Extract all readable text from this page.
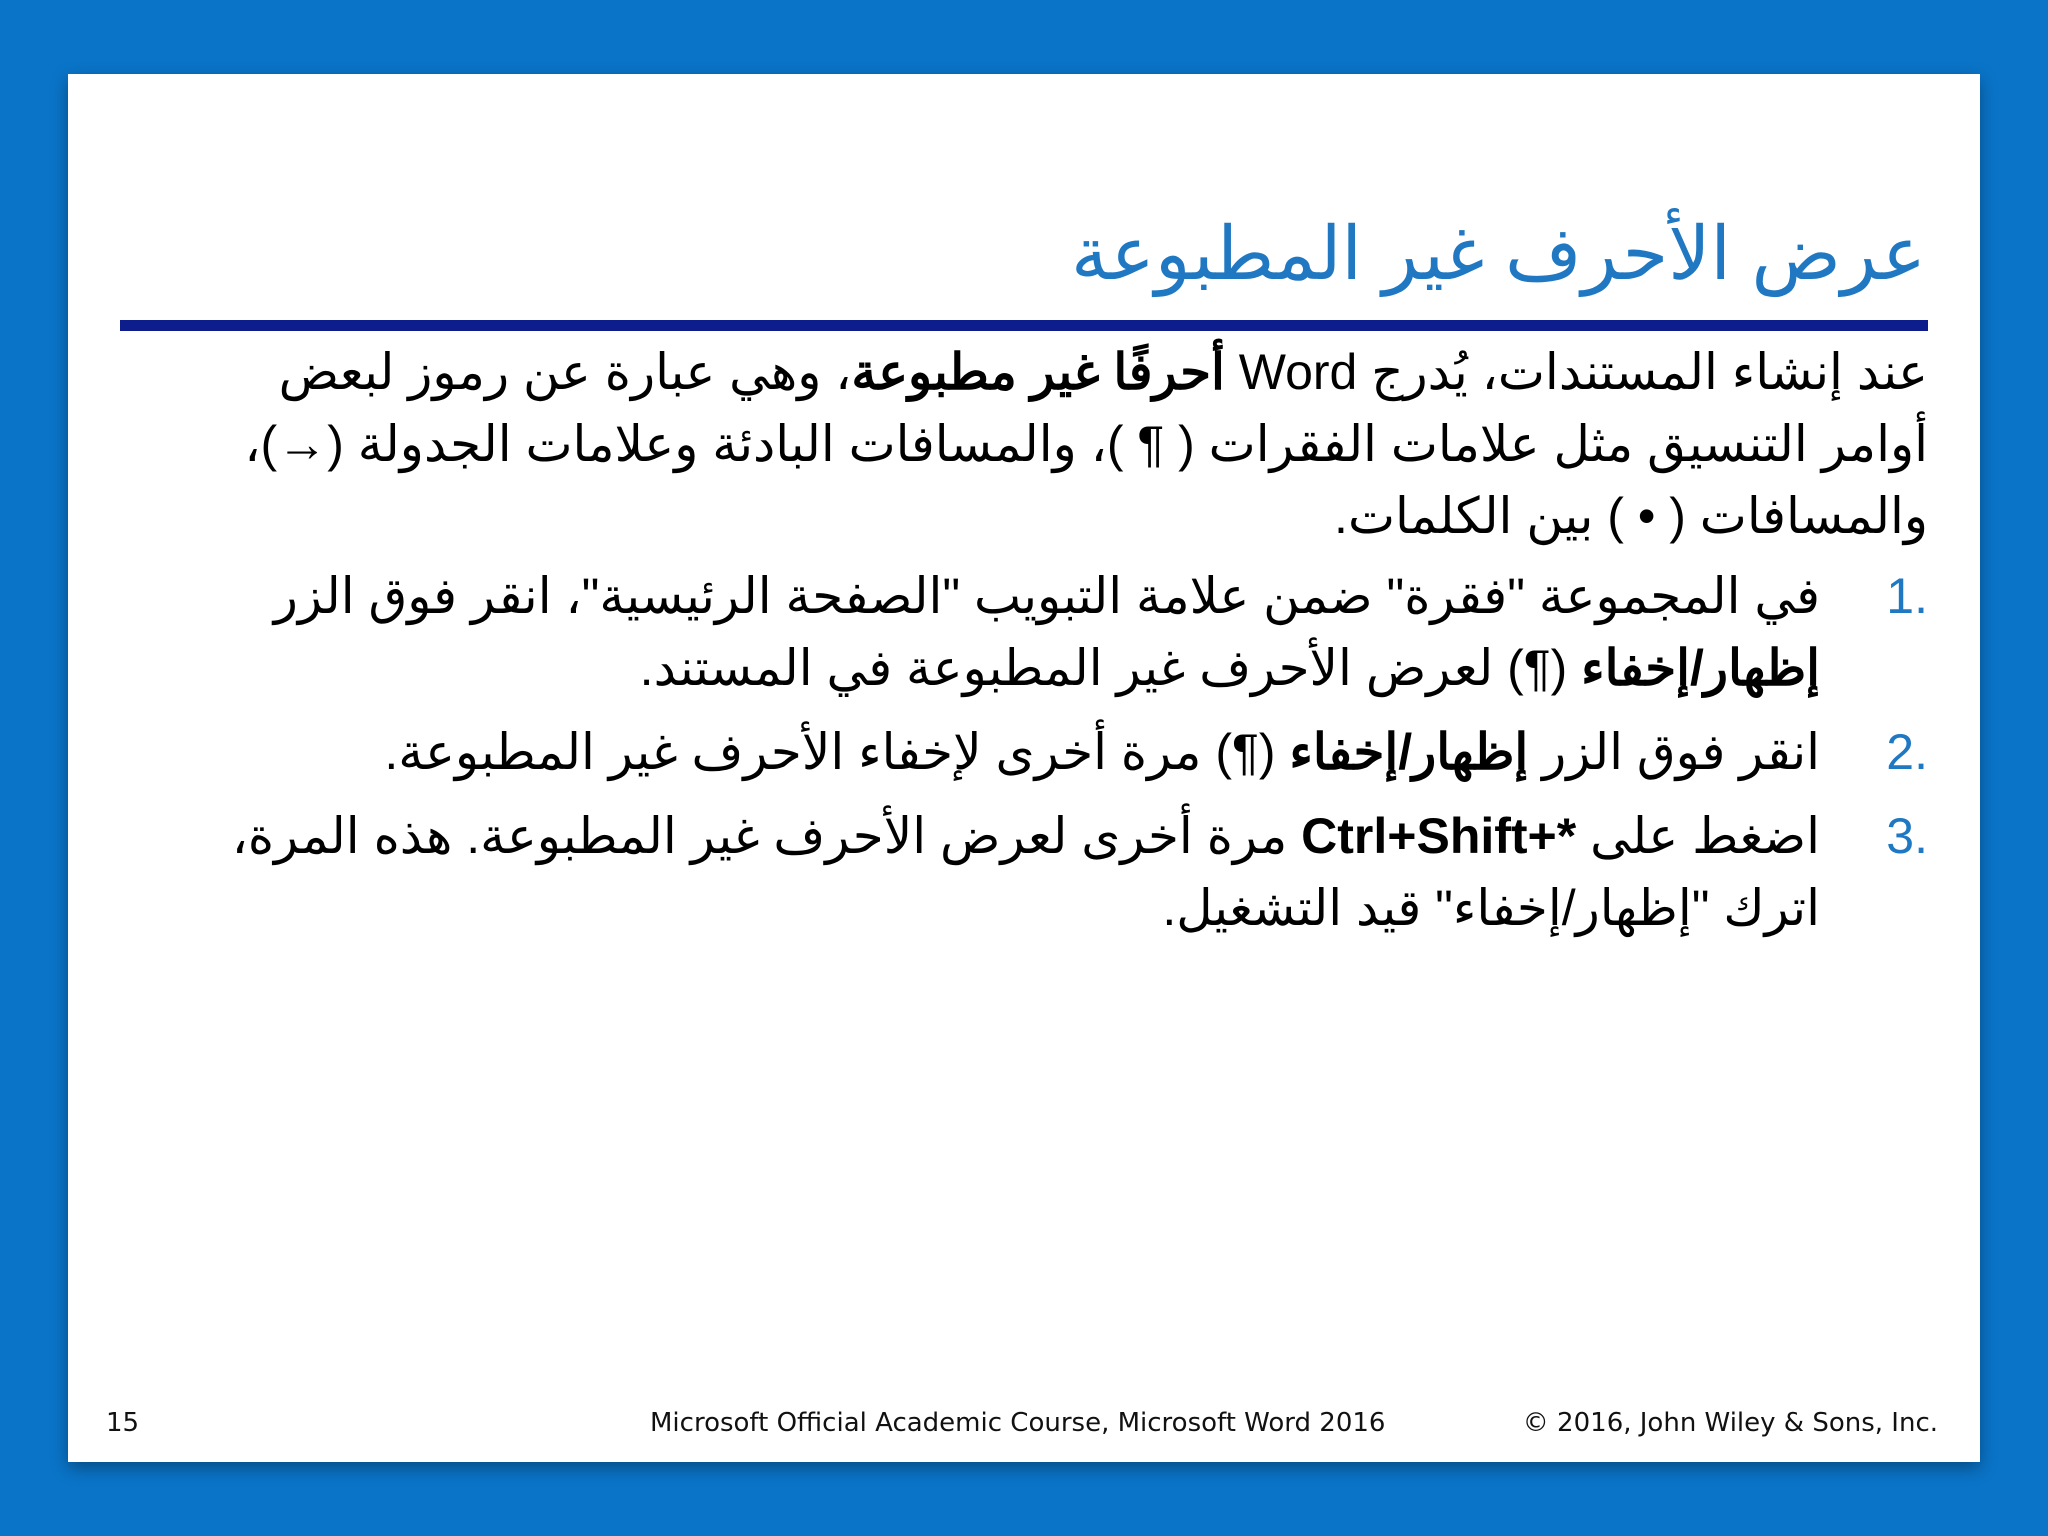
عرض الأحرف غير المطبوعة

عند إنشاء المستندات، يُدرج Word أحرفًا غير مطبوعة، وهي عبارة عن رموز لبعض أوامر التنسيق مثل علامات الفقرات ( ¶ )، والمسافات البادئة وعلامات الجدولة (→)، والمسافات ( • ) بين الكلمات.

1.
في المجموعة "فقرة" ضمن علامة التبويب "الصفحة الرئيسية"، انقر فوق الزر إظهار/إخفاء (¶) لعرض الأحرف غير المطبوعة في المستند.
2.
انقر فوق الزر إظهار/إخفاء (¶) مرة أخرى لإخفاء الأحرف غير المطبوعة.
3.
اضغط على Ctrl+Shift+* مرة أخرى لعرض الأحرف غير المطبوعة. هذه المرة، اترك "إظهار/إخفاء" قيد التشغيل.
15	Microsoft Official Academic Course, Microsoft Word 2016	© 2016, John Wiley & Sons, Inc.
